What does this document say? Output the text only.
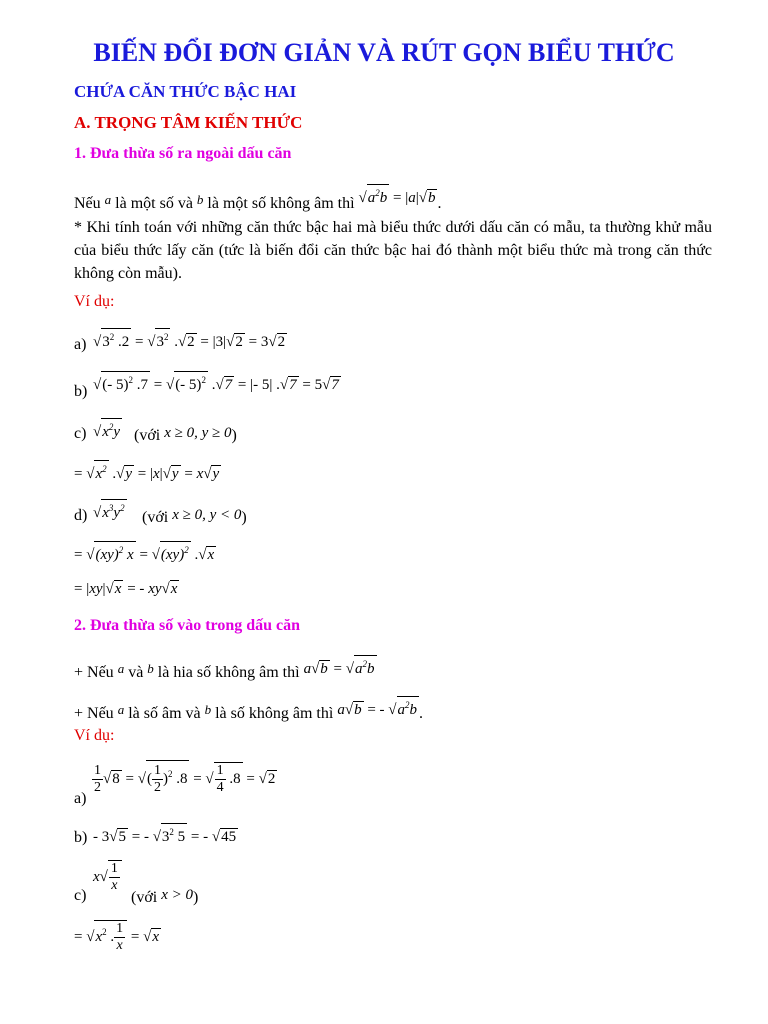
BIẾN ĐỔI ĐƠN GIẢN VÀ RÚT GỌN BIỂU THỨC
CHỨA CĂN THỨC BẬC HAI
A. TRỌNG TÂM KIẾN THỨC
1. Đưa thừa số ra ngoài dấu căn
Nếu $^a$ là một số và $^b$ là một số không âm thì $√a^2b = |a|√b$ .
* Khi tính toán với những căn thức bậc hai mà biểu thức dưới dấu căn có mẫu, ta thường khử mẫu của biểu thức lấy căn (tức là biến đổi căn thức bậc hai đó thành một biểu thức mà trong căn thức không còn mẫu).
Ví dụ:
a) $√3^2$ $.2 = √3^2$ .√2 = |3|√2 = 3√2
b) √(- 5)$^2$ .7 = √(- 5)$^2$ .√7 = |- 5| .√7 = 5√7
c) $√x^2y$ (với x ≥ 0, y ≥ 0)
= $√x^2$ .√y = |x|√y = x√y
d) $√x^3y^2$
(với x ≥ 0, y < 0)
= √(xy)$^2$ x = √(xy)$^2$ .√x
= |xy|√x = - xy√x
2. Đưa thừa số vào trong dấu căn
+ Nếu $^a$ và $^b$ là hia số không âm thì $a√b = √a^2b$
+ Nếu $^a$ là số âm và $^b$ là số không âm thì a√b = - $√a^2b$ .
Ví dụ:
a)
$\frac{1}{2} √8$ = √( $\frac{1}{2} )^2$ .8 = √ $\frac{1}{4} .8 = √2$
b) - 3√5 = - $√3^2$ 5 = - √45
c)
$x√ \frac{1}{x}$
(với x > 0)
= $√x^2$ . $\frac{1}{x} = √x$
